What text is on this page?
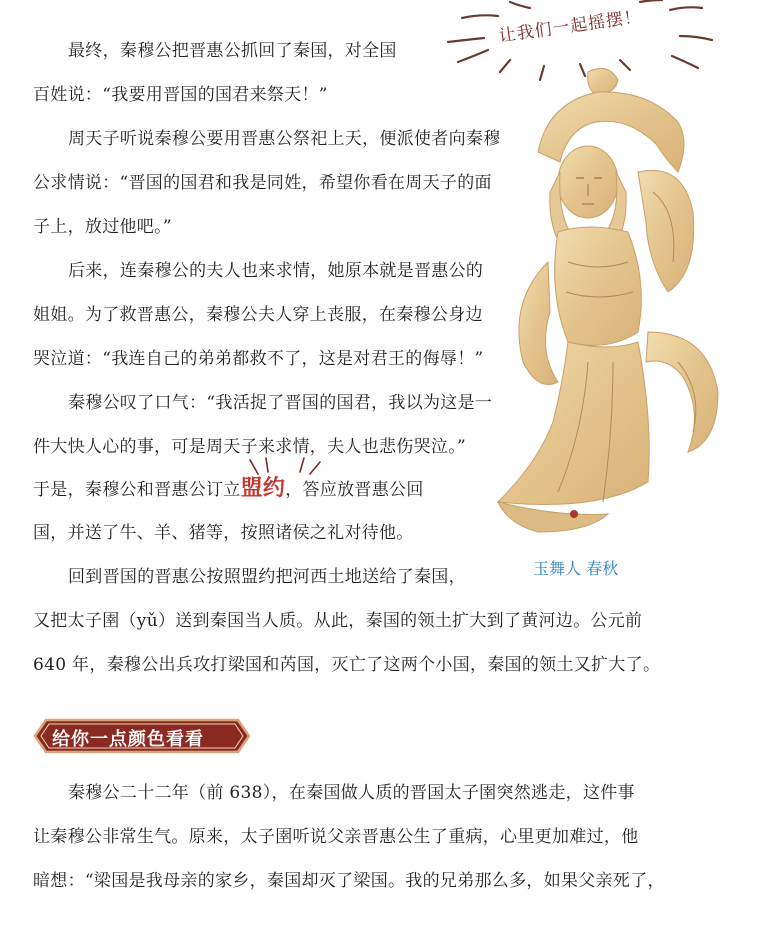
让我们一起摇摆！
玉舞人 春秋
最终，秦穆公把晋惠公抓回了秦国，对全国
百姓说：“我要用晋国的国君来祭天！”
周天子听说秦穆公要用晋惠公祭祀上天，便派使者向秦穆
公求情说：“晋国的国君和我是同姓，希望你看在周天子的面
子上，放过他吧。”
后来，连秦穆公的夫人也来求情，她原本就是晋惠公的
姐姐。为了救晋惠公，秦穆公夫人穿上丧服，在秦穆公身边
哭泣道：“我连自己的弟弟都救不了，这是对君王的侮辱！”
秦穆公叹了口气：“我活捉了晋国的国君，我以为这是一
件大快人心的事，可是周天子来求情，夫人也悲伤哭泣。”
于是，秦穆公和晋惠公订立盟约，答应放晋惠公回
国，并送了牛、羊、猪等，按照诸侯之礼对待他。
回到晋国的晋惠公按照盟约把河西土地送给了秦国，
又把太子圉（yǔ）送到秦国当人质。从此，秦国的领土扩大到了黄河边。公元前
640 年，秦穆公出兵攻打梁国和芮国，灭亡了这两个小国，秦国的领土又扩大了。
给你一点颜色看看
秦穆公二十二年（前 638），在秦国做人质的晋国太子圉突然逃走，这件事
让秦穆公非常生气。原来，太子圉听说父亲晋惠公生了重病，心里更加难过，他
暗想：“梁国是我母亲的家乡，秦国却灭了梁国。我的兄弟那么多，如果父亲死了，
